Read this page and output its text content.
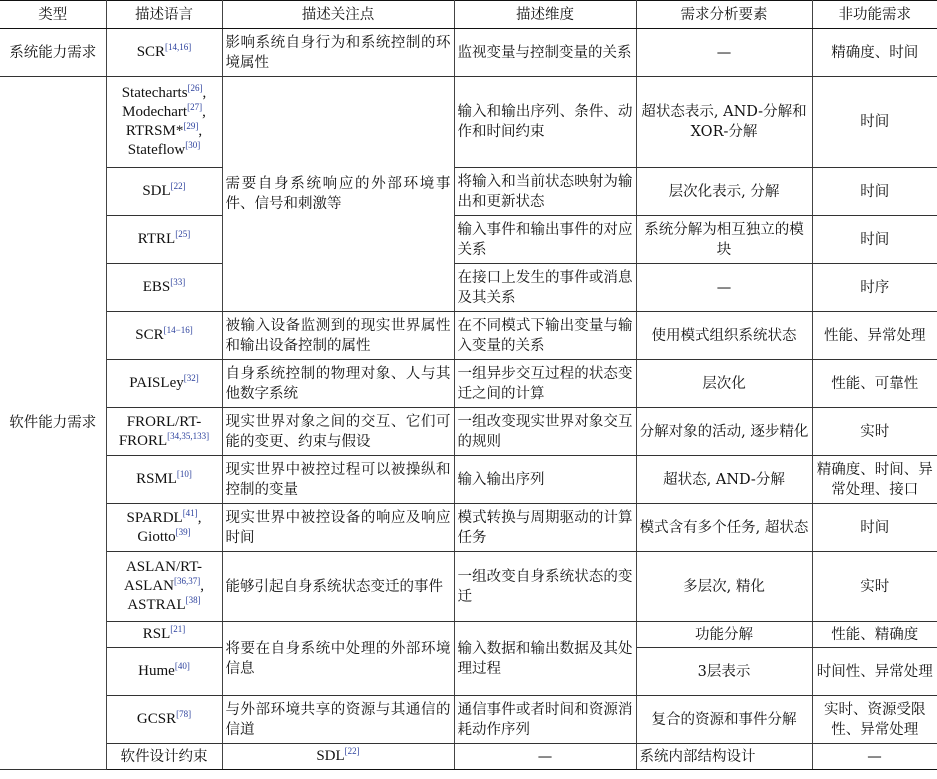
类型	描述语言	描述关注点	描述维度	需求分析要素	非功能需求	
系统能力需求	SCR[14,16]	影响系统自身行为和系统控制的环境属性	监视变量与控制变量的关系	—	精确度、时间	
软件能力需求	Statecharts[26],
Modechart[27],
RTRSM*[29],
Stateflow[30]	需要自身系统响应的外部环境事件、信号和刺激等	输入和输出序列、条件、动作和时间约束	超状态表示, AND-分解和 XOR-分解	时间	
	SDL[22]		将输入和当前状态映射为输出和更新状态	层次化表示, 分解	时间	
	RTRL[25]		输入事件和输出事件的对应关系	系统分解为相互独立的模块	时间	
	EBS[33]		在接口上发生的事件或消息及其关系	—	时序	
	SCR[14−16]	被输入设备监测到的现实世界属性和输出设备控制的属性	在不同模式下输出变量与输入变量的关系	使用模式组织系统状态	性能、异常处理	
	PAISLey[32]	自身系统控制的物理对象、人与其他数字系统	一组异步交互过程的状态变迁之间的计算	层次化	性能、可靠性	

	FRORL/RT-
FRORL[34,35,133]	现实世界对象之间的交互、它们可能的变更、约束与假设	一组改变现实世界对象交互的规则	分解对象的活动, 逐步精化	实时	
	RSML[10]	现实世界中被控过程可以被操纵和控制的变量	输入输出序列	超状态, AND-分解	精确度、时间、异常处理、接口	

	SPARDL[41],
Giotto[39]	现实世界中被控设备的响应及响应时间	模式转换与周期驱动的计算任务	模式含有多个任务, 超状态	时间	

	ASLAN/RT-
ASLAN[36,37],
ASTRAL[38]	能够引起自身系统状态变迁的事件	一组改变自身系统状态的变迁	多层次, 精化	实时	
	RSL[21]	将要在自身系统中处理的外部环境信息	输入数据和输出数据及其处理过程	功能分解	性能、精确度	
	Hume[40]			3层表示	时间性、异常处理	
	GCSR[78]	与外部环境共享的资源与其通信的信道	通信事件或者时间和资源消耗动作序列	复合的资源和事件分解	实时、资源受限性、异常处理	
	软件设计约束	SDL[22]	—	系统内部结构设计	—	
